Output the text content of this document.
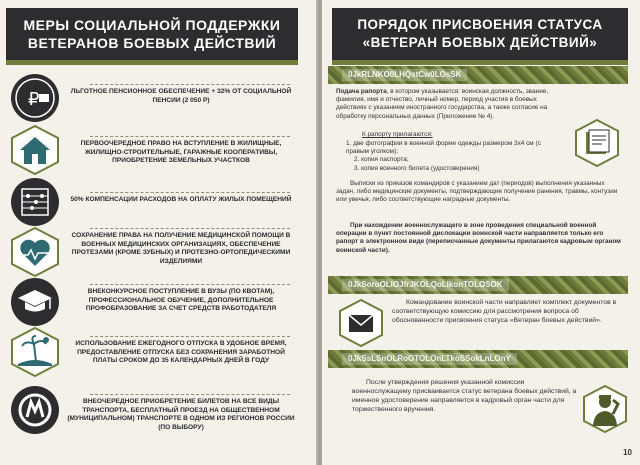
МЕРЫ СОЦИАЛЬНОЙ ПОДДЕРЖКИ
ВЕТЕРАНОВ БОЕВЫХ ДЕЙСТВИЙ
₽	ЛЬГОТНОЕ ПЕНСИОННОЕ ОБЕСПЕЧЕНИЕ + 32% ОТ СОЦИАЛЬНОЙ ПЕНСИИ (2 050 Р)
ПЕРВООЧЕРЕДНОЕ ПРАВО НА ВСТУПЛЕНИЕ В ЖИЛИЩНЫЕ, ЖИЛИЩНО-СТРОИТЕЛЬНЫЕ, ГАРАЖНЫЕ КООПЕРАТИВЫ, ПРИОБРЕТЕНИЕ ЗЕМЕЛЬНЫХ УЧАСТКОВ
50% КОМПЕНСАЦИИ РАСХОДОВ НА ОПЛАТУ ЖИЛЫХ ПОМЕЩЕНИЙ
СОХРАНЕНИЕ ПРАВА НА ПОЛУЧЕНИЕ МЕДИЦИНСКОЙ ПОМОЩИ В ВОЕННЫХ МЕДИЦИНСКИХ ОРГАНИЗАЦИЯХ, ОБЕСПЕЧЕНИЕ ПРОТЕЗАМИ (КРОМЕ ЗУБНЫХ) И ПРОТЕЗНО-ОРТОПЕДИЧЕСКИМИ ИЗДЕЛИЯМИ
ВНЕКОНКУРСНОЕ ПОСТУПЛЕНИЕ В ВУЗЫ (ПО КВОТАМ), ПРОФЕССИОНАЛЬНОЕ ОБУЧЕНИЕ, ДОПОЛНИТЕЛЬНОЕ ПРОФОБРАЗОВАНИЕ ЗА СЧЕТ СРЕДСТВ РАБОТОДАТЕЛЯ
ИСПОЛЬЗОВАНИЕ ЕЖЕГОДНОГО ОТПУСКА В УДОБНОЕ ВРЕМЯ, ПРЕДОСТАВЛЕНИЕ ОТПУСКА БЕЗ СОХРАНЕНИЯ ЗАРАБОТНОЙ ПЛАТЫ СРОКОМ ДО 35 КАЛЕНДАРНЫХ ДНЕЙ В ГОДУ
ВНЕОЧЕРЕДНОЕ ПРИОБРЕТЕНИЕ БИЛЕТОВ НА ВСЕ ВИДЫ ТРАНСПОРТА, БЕСПЛАТНЫЙ ПРОЕЗД НА ОБЩЕСТВЕННОМ (МУНИЦИПАЛЬНОМ) ТРАНСПОРТЕ В ОДНОМ ИЗ РЕГИОНОВ РОССИИ (ПО ВЫБОРУ)
ПОРЯДОК ПРИСВОЕНИЯ СТАТУСА
«ВЕТЕРАН БОЕВЫХ ДЕЙСТВИЙ»
0JkRLNKO0LHQstCw0LOsSK
Подача рапорта, в котором указывается: воинская должность, звание, фамилия, имя и отчество, личный номер, период участия в боевых действиях с указанием иностранного государства, а также согласие на обработку персональных данных (Приложение № 4).
К рапорту прилагаются:
1. две фотографии в военной форме одежды размером 3х4 см (с правым уголком);
2. копия паспорта;
3. копия военного билета (удостоверения)
Выписки из приказов командиров с указанием дат (периодов) выполнения указанных задач, либо медицинские документы, подтверждающие получение ранения, травмы, контузии или увечья, либо соответствующие наградные документы.
При нахождении военнослужащего в зоне проведения специальной военной операции в пункт постоянной дислокации воинской части направляется только его рапорт в электронном виде (переписчанные документы прилагаются кадровым органом воинской части).
0JkSoroOLIOJfrJKOLQoLlkonTOLOSOK
Командование воинской части направляет комплект документов в соответствующую комиссию для рассмотрения вопроса об обоснованности присвоения статуса «Ветеран боевых действий».
0JkSsLSnOLRoOTOLOnLTkoSSokLnLOnY
После утверждения решения указанной комиссии военнослужащему присваивается статус ветерана боевых действий, а именное удостоверение направляется в кадровый орган части для торжественного вручения.
10
